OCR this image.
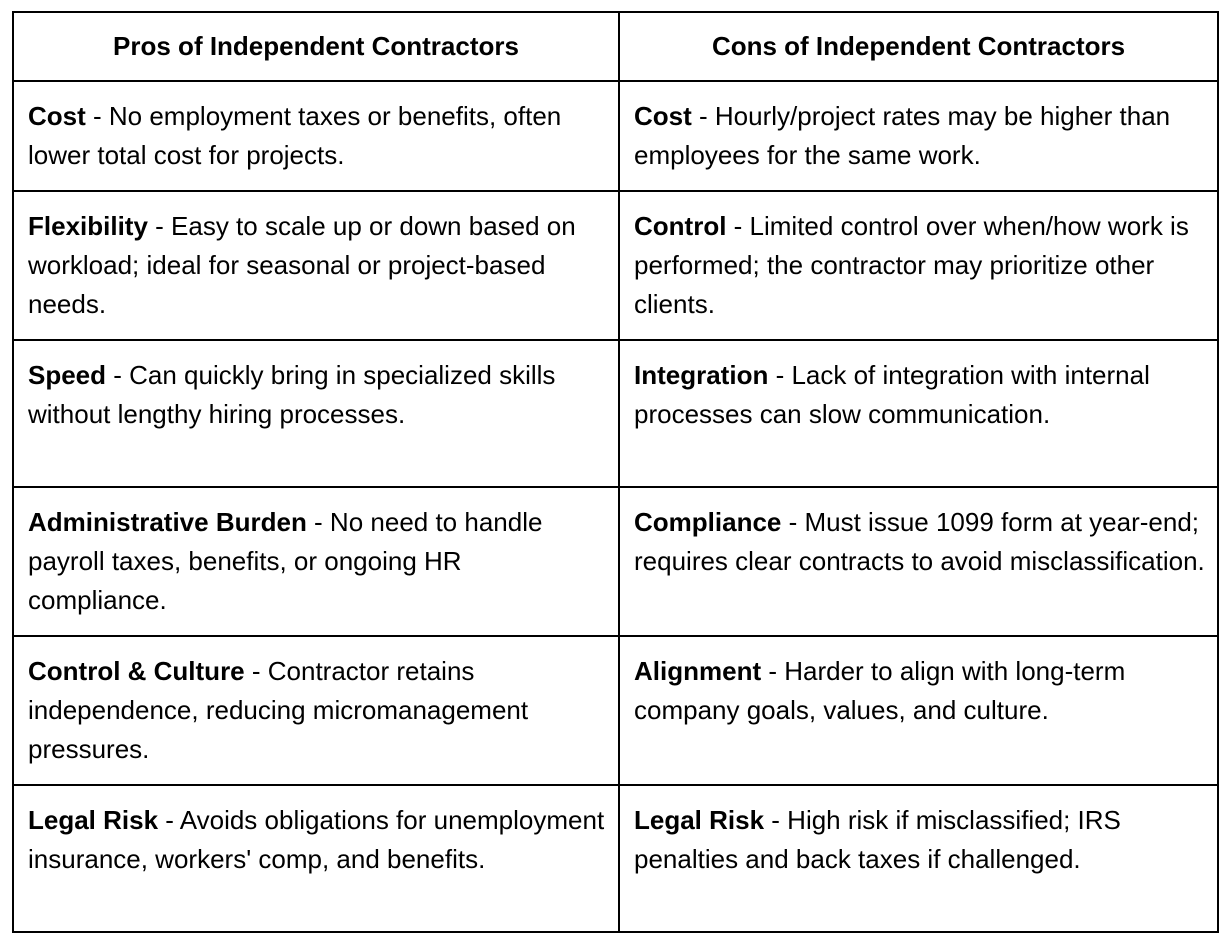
Pros of Independent Contractors	Cons of Independent Contractors
Cost - No employment taxes or benefits, often lower total cost for projects.	Cost - Hourly/project rates may be higher than employees for the same work.
Flexibility - Easy to scale up or down based on workload; ideal for seasonal or project-based needs.	Control - Limited control over when/how work is performed; the contractor may prioritize other clients.
Speed - Can quickly bring in specialized skills without lengthy hiring processes.	Integration - Lack of integration with internal processes can slow communication.
Administrative Burden - No need to handle payroll taxes, benefits, or ongoing HR compliance.	Compliance - Must issue 1099 form at year-end; requires clear contracts to avoid misclassification.
Control & Culture - Contractor retains independence, reducing micromanagement pressures.	Alignment - Harder to align with long-term company goals, values, and culture.
Legal Risk - Avoids obligations for unemployment insurance, workers' comp, and benefits.	Legal Risk - High risk if misclassified; IRS penalties and back taxes if challenged.
